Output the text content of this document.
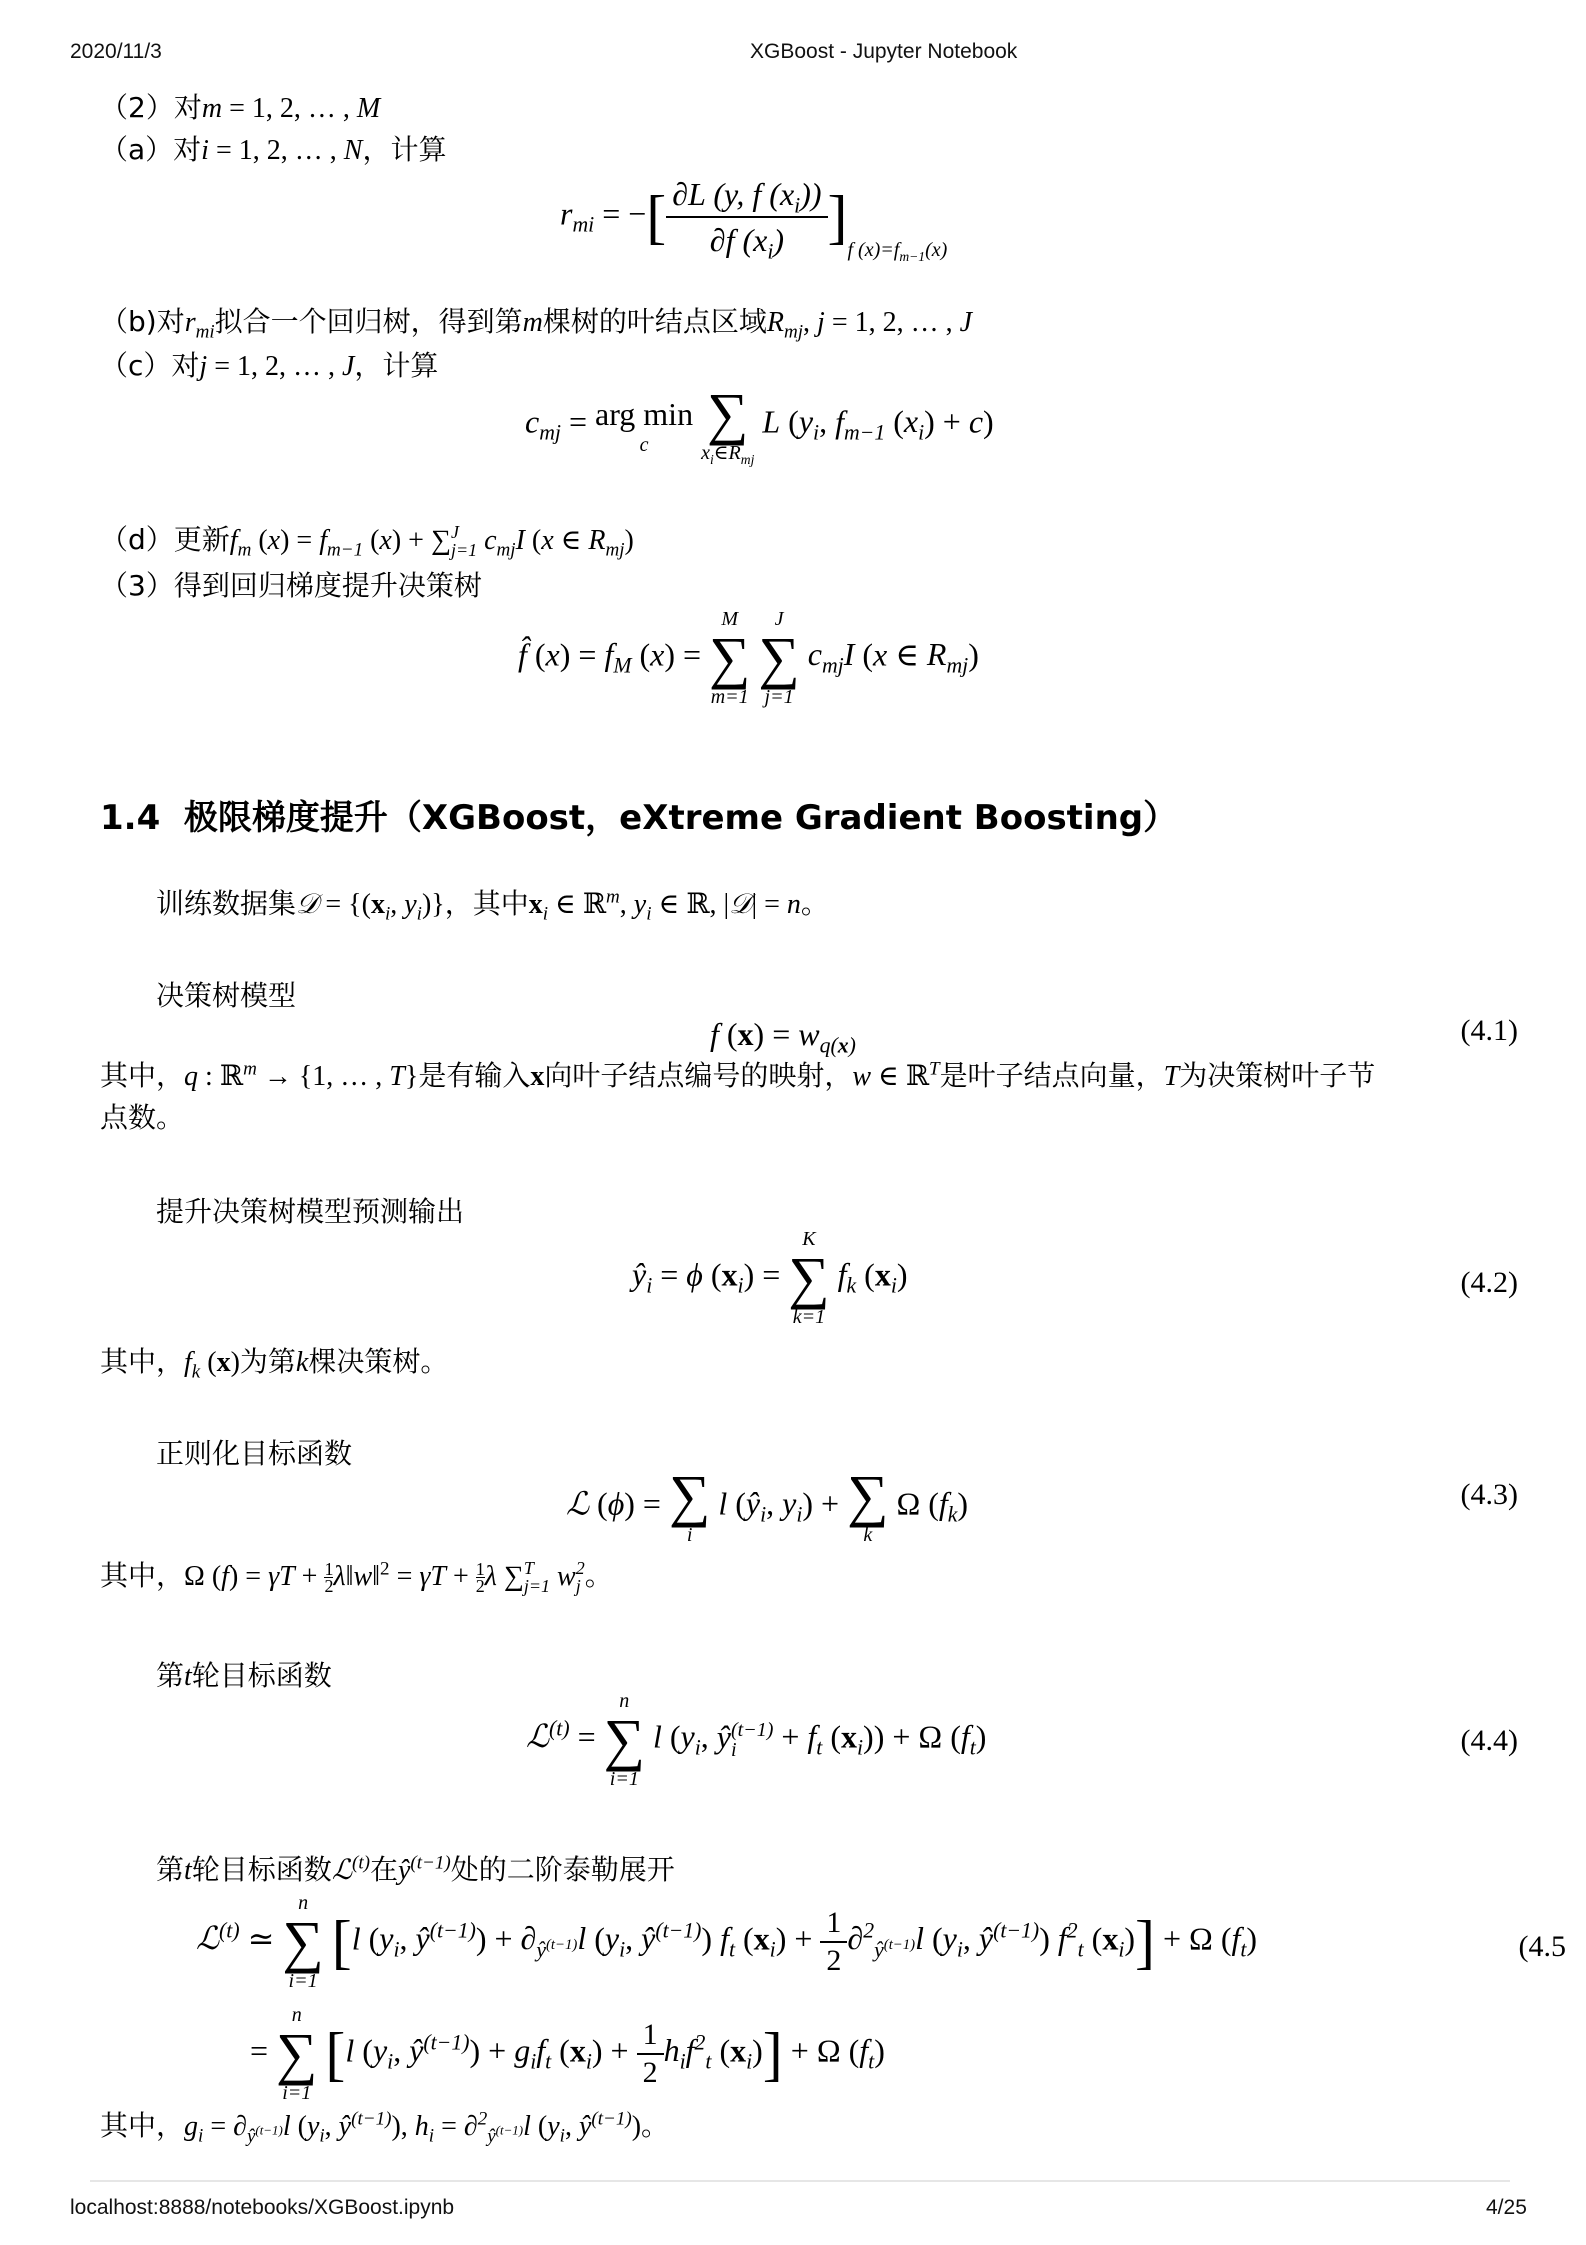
2020/11/3	XGBoost - Jupyter Notebook
（2）对m = 1, 2, … , M
（a）对i = 1, 2, … , N，计算
$r_{mi}$ = −[ $\frac{\partial L (y, f (x_i))}{\partial f (x_i)} ]_{f (x)=f_{m-1}(x)}$
（b)对$r_{mi}$拟合一个回归树，得到第m棵树的叶结点区域$R_{mj}$, j = 1, 2, … , J
（c）对j = 1, 2, … , J，计算
$c_{mj}$ = arg min
c
	∑
$x_i\in R_{mj}$
L ($y_i$, $f_{m-1}$ $(x_i) + c$)
（d）更新$f_m$ $(x) = f_{m-1}$ (x) + ∑J
j=1 $c_{mj}I$ (x ∈ $R_{mj}$)
（3）得到回归梯度提升决策树
f̂ $(x) = f_M$ (x) =
M
∑
m=1

J
∑
j=1
$c_{mj}I$ (x ∈ $R_{mj}$)
1.4 极限梯度提升（XGBoost，eXtreme Gradient Boosting）
训练数据集𝒟 = {($x_i$, $y_i$)}，其中$x_i$ ∈ ℝ$^m$, $y_i$ ∈ ℝ, |𝒟| = n。
决策树模型
f $(x) = w_{q(x)}$	(4.1)
其中，q : ℝ$^m$ → {1, … , T}是有输入x向叶子结点编号的映射，w ∈ ℝ$^T$是叶子结点向量，T为决策树叶子节
点数。
提升决策树模型预测输出
$ŷ_i = \phi$ $(x_i)$ =
K
∑
k=1
$f_k$ $(x_i)$	(4.2)
其中，$f_k$ (x)为第k棵决策树。
正则化目标函数
ℒ (ϕ) = ∑
i
l ($ŷ_i$, $y_i$) + ∑
k
Ω $(f_k)$	(4.3)
其中，Ω (f) = γT + 1
2λ‖w‖$^2$ = γT + 1
2λ ∑T
j=1 w2
j 。
第t轮目标函数
ℒ$^{(t)}$ =
n
∑
i=1
l ($y_i$, ŷ(t−1)
$i + f_t$ $(x_i)) + \Omega$ $(f_t)$	(4.4)
第t轮目标函数ℒ$^{(t)}$在$ŷ^{(t-1)}$处的二阶泰勒展开
ℒ$^{(t)}$ ≃
n
∑
i=1
[l ($y_i$, $ŷ^{(t-1)}) + \partial_{ŷ^{(t-1)}}l$ ($y_i$, $ŷ^{(t-1)}$) $f_t$ $(x_i) + \frac{1}{2} \partial^2_{ŷ^{(t-1)}}l$ ($y_i$, $ŷ^{(t-1)}$) $f^2_t$ $(x_i)] + \Omega$ $(f_t)$	(4.5
=
n
∑
i=1
[l ($y_i$, $ŷ^{(t-1)}) + g_if_t$ $(x_i) + \frac{1}{2} h_if^2_t$ $(x_i)] + \Omega$ $(f_t)$
其中，$g_i = \partial_{ŷ^{(t-1)}}l$ ($y_i$, $ŷ^{(t-1)}$), $h_i = \partial^2_{ŷ^{(t-1)}}l$ ($y_i$, $ŷ^{(t-1)}$)。
localhost:8888/notebooks/XGBoost.ipynb	4/25
